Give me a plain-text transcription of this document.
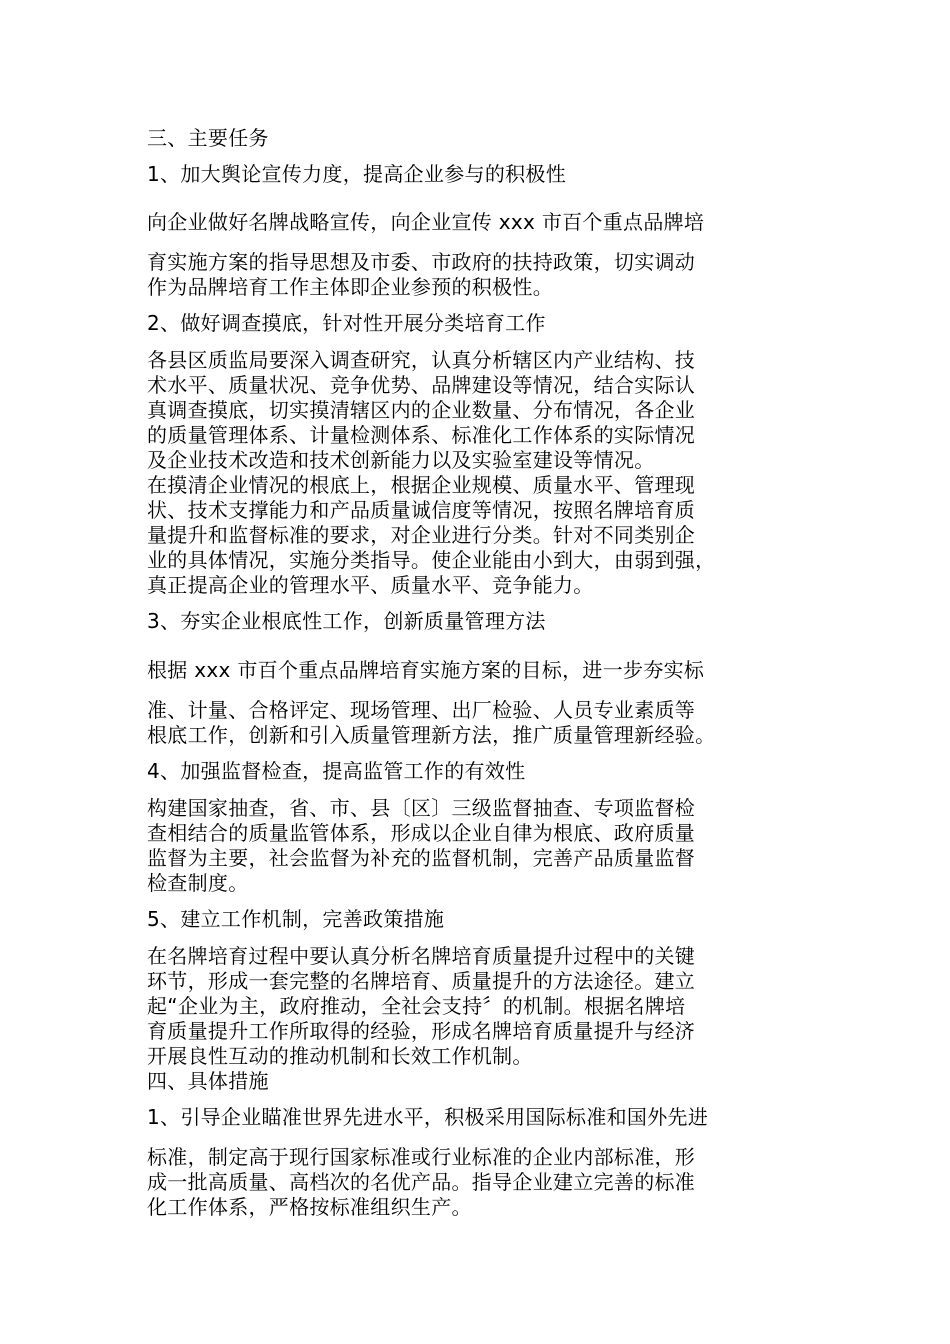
三、主要任务

1、加大舆论宣传力度，提高企业参与的积极性

向企业做好名牌战略宣传，向企业宣传 xxx 市百个重点品牌培

育实施方案的指导思想及市委、市政府的扶持政策，切实调动

作为品牌培育工作主体即企业参预的积极性。

2、做好调查摸底，针对性开展分类培育工作

各县区质监局要深入调查研究，认真分析辖区内产业结构、技

术水平、质量状况、竞争优势、品牌建设等情况，结合实际认

真调查摸底，切实摸清辖区内的企业数量、分布情况，各企业

的质量管理体系、计量检测体系、标准化工作体系的实际情况

及企业技术改造和技术创新能力以及实验室建设等情况。

在摸清企业情况的根底上，根据企业规模、质量水平、管理现

状、技术支撑能力和产品质量诚信度等情况，按照名牌培育质

量提升和监督标准的要求，对企业进行分类。针对不同类别企

业的具体情况，实施分类指导。使企业能由小到大，由弱到强，

真正提高企业的管理水平、质量水平、竞争能力。

3、夯实企业根底性工作，创新质量管理方法

根据 xxx 市百个重点品牌培育实施方案的目标，进一步夯实标

准、计量、合格评定、现场管理、出厂检验、人员专业素质等

根底工作，创新和引入质量管理新方法，推广质量管理新经验。

4、加强监督检查，提高监管工作的有效性

构建国家抽查，省、市、县〔区〕三级监督抽查、专项监督检

查相结合的质量监管体系，形成以企业自律为根底、政府质量

监督为主要，社会监督为补充的监督机制，完善产品质量监督

检查制度。

5、建立工作机制，完善政策措施

在名牌培育过程中要认真分析名牌培育质量提升过程中的关键

环节，形成一套完整的名牌培育、质量提升的方法途径。建立

起“企业为主，政府推动，全社会支持〞的机制。根据名牌培

育质量提升工作所取得的经验，形成名牌培育质量提升与经济

开展良性互动的推动机制和长效工作机制。

四、具体措施

1、引导企业瞄准世界先进水平，积极采用国际标准和国外先进

标准，制定高于现行国家标准或行业标准的企业内部标准，形

成一批高质量、高档次的名优产品。指导企业建立完善的标准

化工作体系，严格按标准组织生产。
